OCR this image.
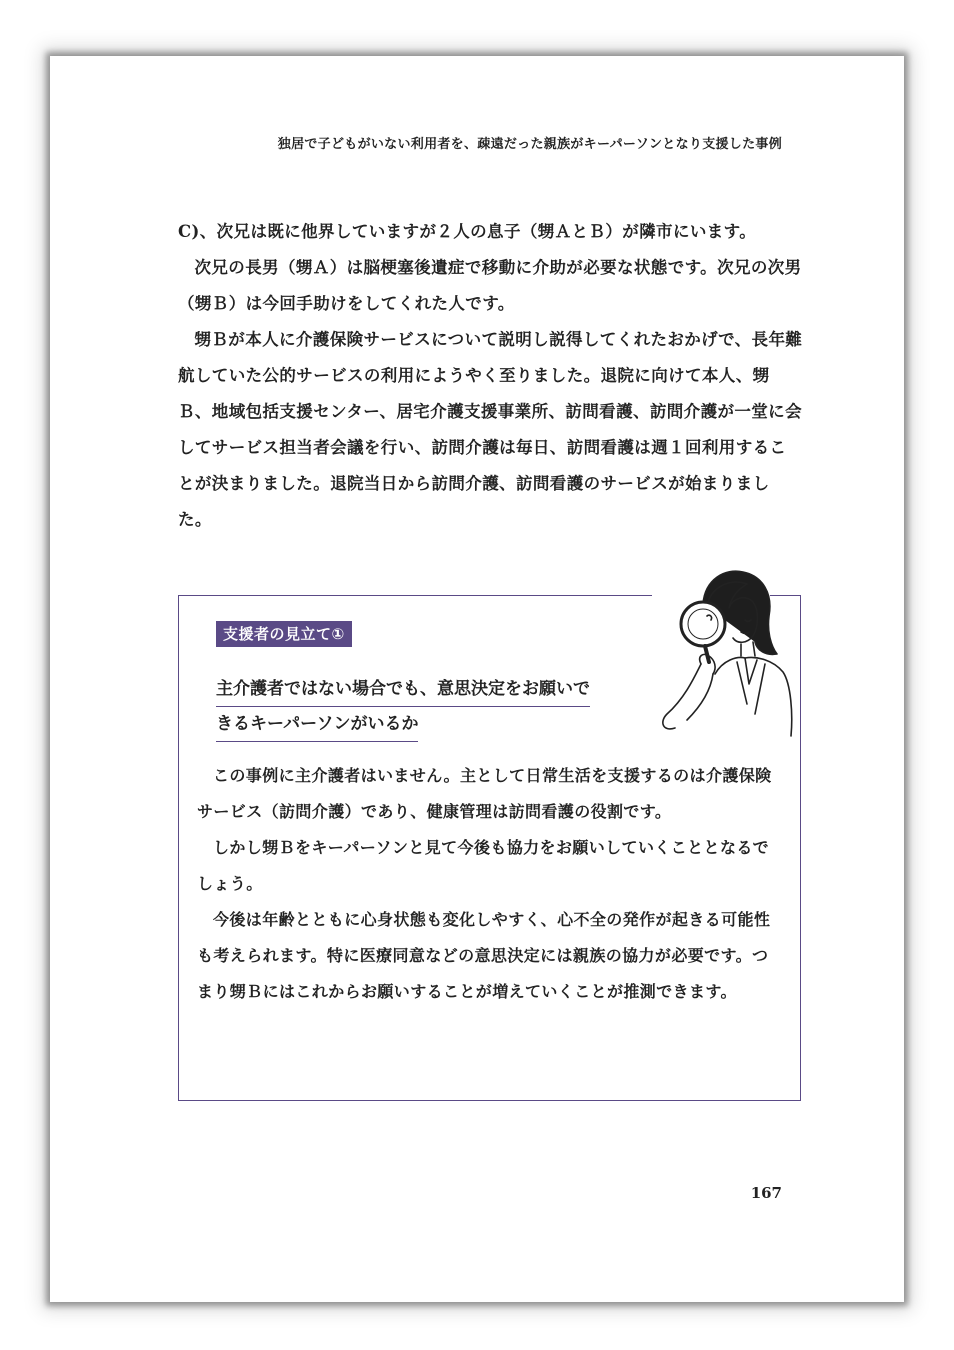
独居で子どもがいない利用者を、疎遠だった親族がキーパーソンとなり支援した事例

C)、次兄は既に他界していますが２人の息子（甥ＡとＢ）が隣市にいます。

次兄の長男（甥Ａ）は脳梗塞後遺症で移動に介助が必要な状態です。次兄の次男（甥Ｂ）は今回手助けをしてくれた人です。

甥Ｂが本人に介護保険サービスについて説明し説得してくれたおかげで、長年難航していた公的サービスの利用にようやく至りました。退院に向けて本人、甥Ｂ、地域包括支援センター、居宅介護支援事業所、訪問看護、訪問介護が一堂に会してサービス担当者会議を行い、訪問介護は毎日、訪問看護は週１回利用することが決まりました。退院当日から訪問介護、訪問看護のサービスが始まりました。

支援者の見立て①
主介護者ではない場合でも、意思決定をお願いで
きるキーパーソンがいるか

この事例に主介護者はいません。主として日常生活を支援するのは介護保険サービス（訪問介護）であり、健康管理は訪問看護の役割です。

しかし甥Ｂをキーパーソンと見て今後も協力をお願いしていくこととなるでしょう。

今後は年齢とともに心身状態も変化しやすく、心不全の発作が起きる可能性も考えられます。特に医療同意などの意思決定には親族の協力が必要です。つまり甥Ｂにはこれからお願いすることが増えていくことが推測できます。

167
